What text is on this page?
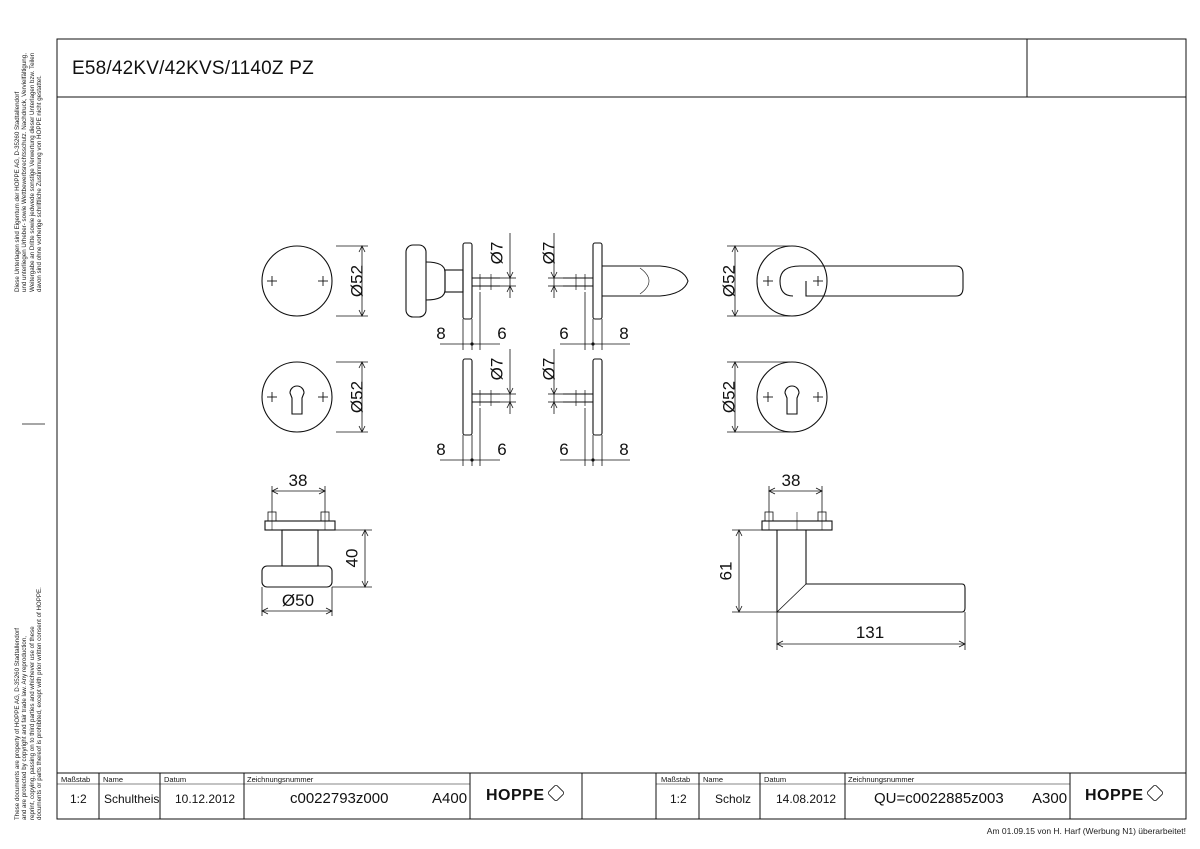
Diese Unterlagen sind Eigentum der HOPPE AG, D-35260 Stadtallendorf und unterliegen Urheber- sowie Wettbewerbsrechtsschutz. Nachdruck, Vervielfältigung, Weitergabe an Dritte sowie jedwede sonstige Verwertung dieser Unterlagen bzw. Teilen davon sind ohne vorherige schriftliche Zustimmung von HOPPE nicht gestattet.
These documents are property of HOPPE AG, D-35260 Stadtallendorf and are protected by copyright and fair trade law. Any reproduction, reprint, copying, passing on to third parties and whichever use of these documents or parts thereof is prohibited, except with prior written consent of HOPPE.
Ø52
Ø52
Ø52
Ø52
Ø7 Ø7
Ø7 Ø7
8	6	6	8
8	6	6	8
38
40
Ø50
38
61
131
E58/42KV/42KVS/1140Z PZ
Maßstab Name	Datum	Zeichnungsnummer
1:2 Schultheis 10.12.2012	c0022793z000	A400 HOPPE
Maßstab Name	Datum	Zeichnungsnummer
1:2 Scholz 14.08.2012	QU=c0022885z003 A300 HOPPE
Am 01.09.15 von H. Harf (Werbung N1) überarbeitet!
